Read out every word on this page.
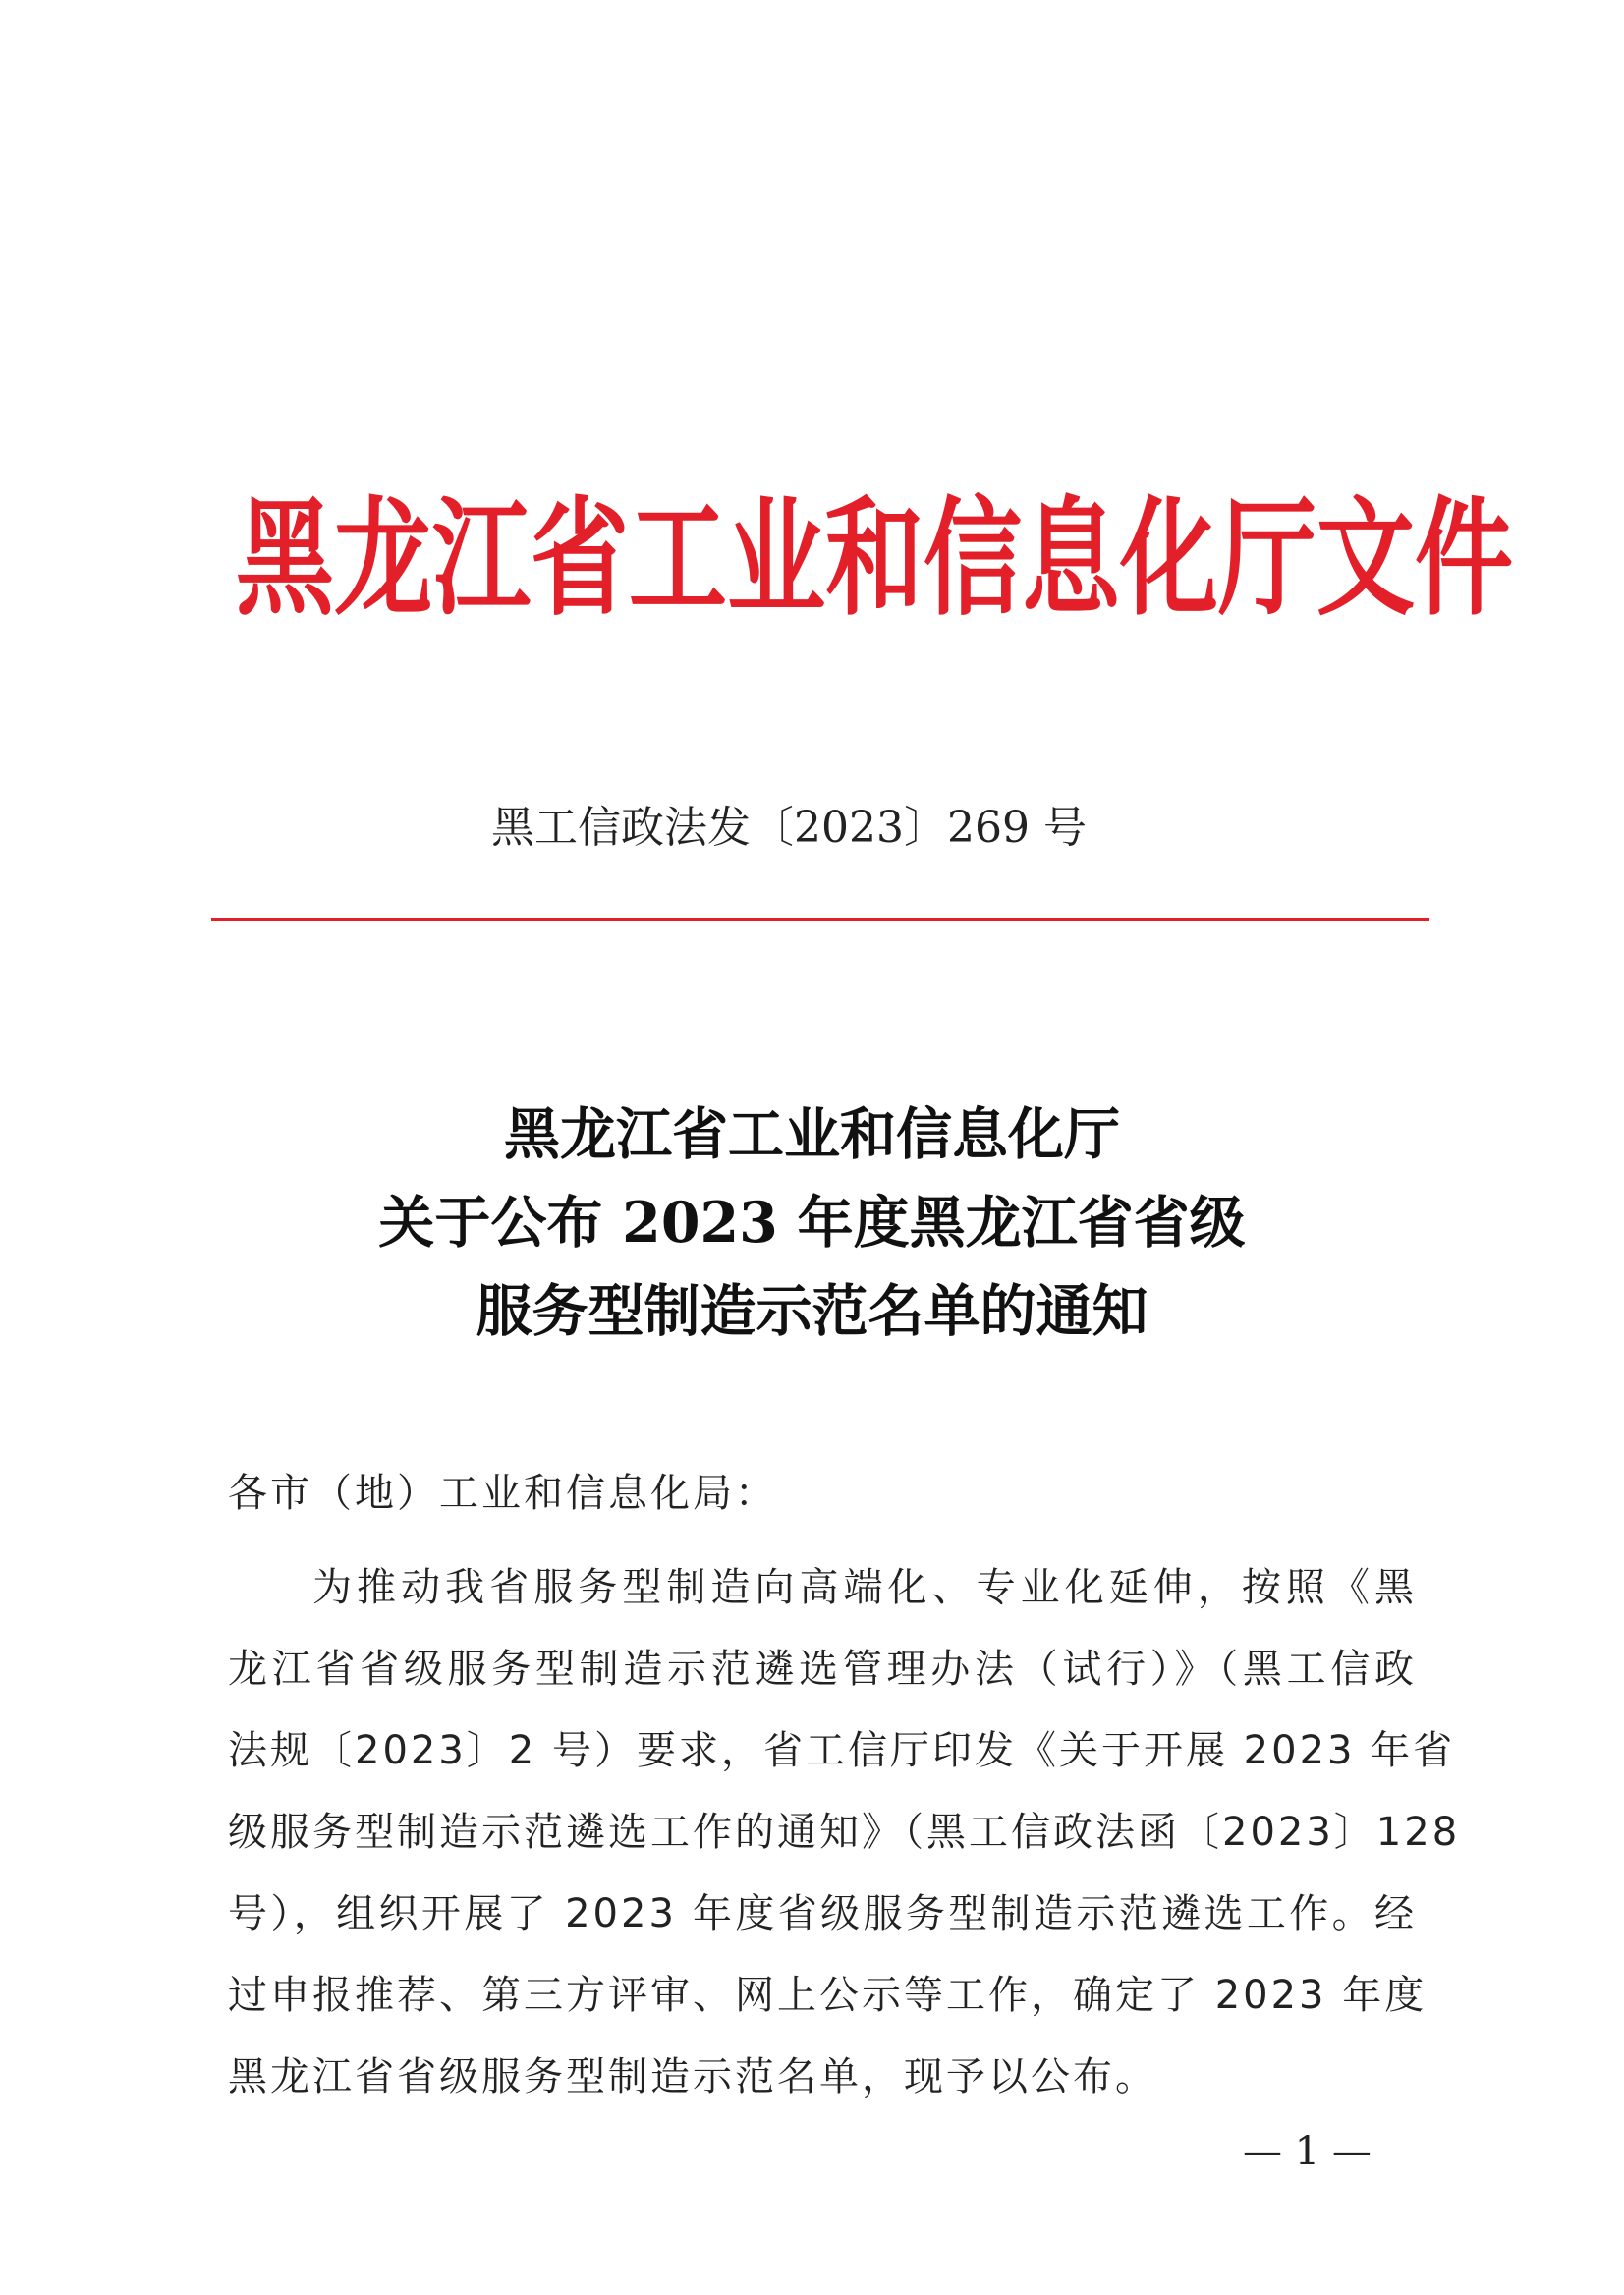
黑龙江省工业和信息化厅文件
黑工信政法发〔2023〕269 号
黑龙江省工业和信息化厅
关于公布 2023 年度黑龙江省省级
服务型制造示范名单的通知
各市（地）工业和信息化局：
为推动我省服务型制造向高端化、专业化延伸，按照《黑
龙江省省级服务型制造示范遴选管理办法（试行）》（黑工信政
法规〔2023〕2 号）要求，省工信厅印发《关于开展 2023 年省
级服务型制造示范遴选工作的通知》（黑工信政法函〔2023〕128
号），组织开展了 2023 年度省级服务型制造示范遴选工作。经
过申报推荐、第三方评审、网上公示等工作，确定了 2023 年度
黑龙江省省级服务型制造示范名单，现予以公布。
— 1 —
